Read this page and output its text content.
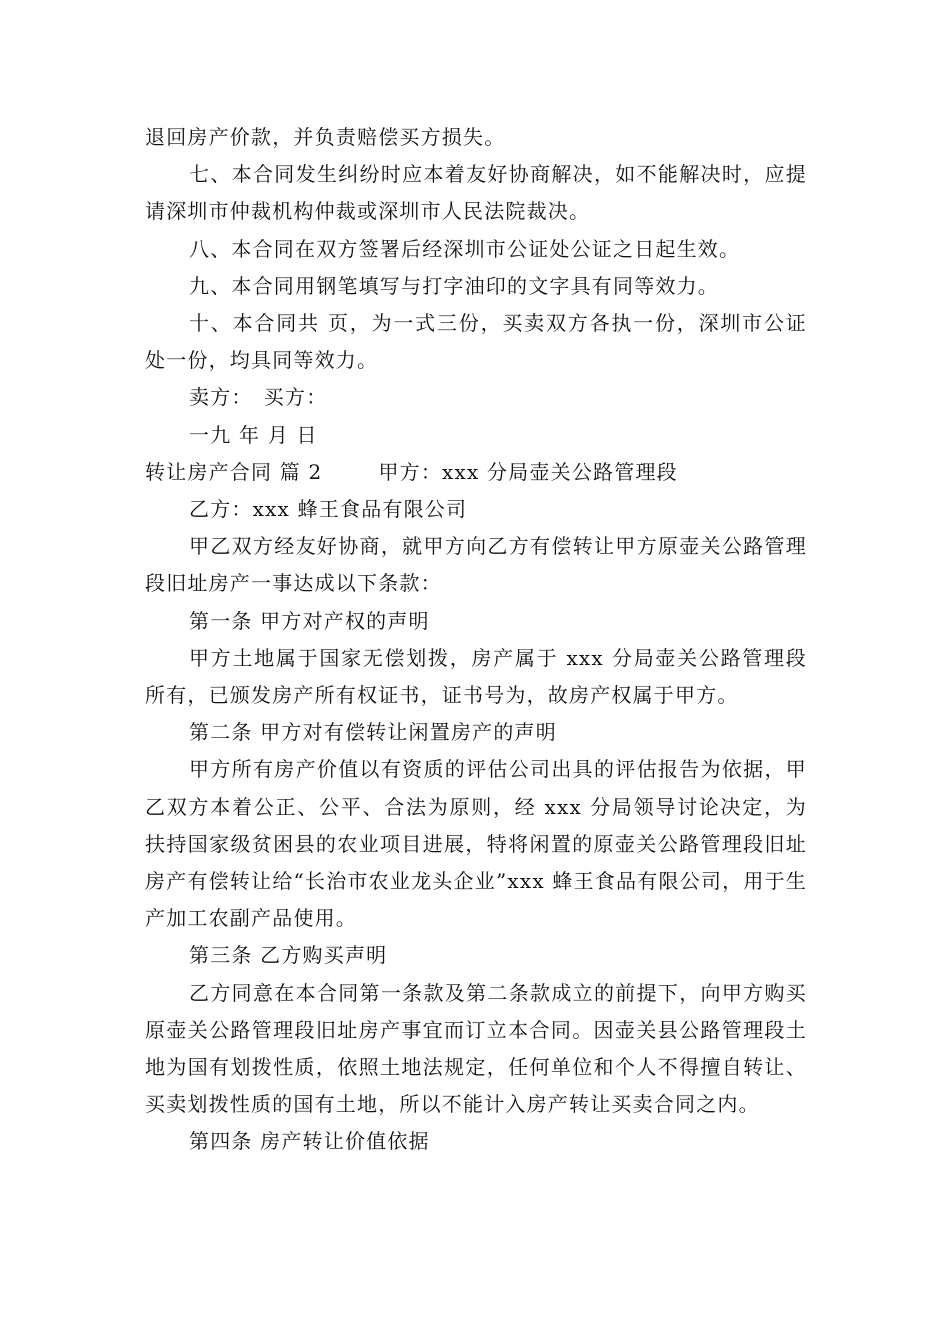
退回房产价款，并负责赔偿买方损失。

七、本合同发生纠纷时应本着友好协商解决，如不能解决时，应提请深圳市仲裁机构仲裁或深圳市人民法院裁决。

八、本合同在双方签署后经深圳市公证处公证之日起生效。

九、本合同用钢笔填写与打字油印的文字具有同等效力。

十、本合同共 页，为一式三份，买卖双方各执一份，深圳市公证处一份，均具同等效力。

卖方：　买方：

一九 年 月 日

转让房产合同 篇 2	甲方：xxx 分局壶关公路管理段

乙方：xxx 蜂王食品有限公司

甲乙双方经友好协商，就甲方向乙方有偿转让甲方原壶关公路管理段旧址房产一事达成以下条款：

第一条 甲方对产权的声明

甲方土地属于国家无偿划拨，房产属于 xxx 分局壶关公路管理段所有，已颁发房产所有权证书，证书号为，故房产权属于甲方。

第二条 甲方对有偿转让闲置房产的声明

甲方所有房产价值以有资质的评估公司出具的评估报告为依据，甲乙双方本着公正、公平、合法为原则，经 xxx 分局领导讨论决定，为扶持国家级贫困县的农业项目进展，特将闲置的原壶关公路管理段旧址房产有偿转让给“长治市农业龙头企业”xxx 蜂王食品有限公司，用于生产加工农副产品使用。

第三条 乙方购买声明

乙方同意在本合同第一条款及第二条款成立的前提下，向甲方购买原壶关公路管理段旧址房产事宜而订立本合同。因壶关县公路管理段土地为国有划拨性质，依照土地法规定，任何单位和个人不得擅自转让、买卖划拨性质的国有土地，所以不能计入房产转让买卖合同之内。

第四条 房产转让价值依据
